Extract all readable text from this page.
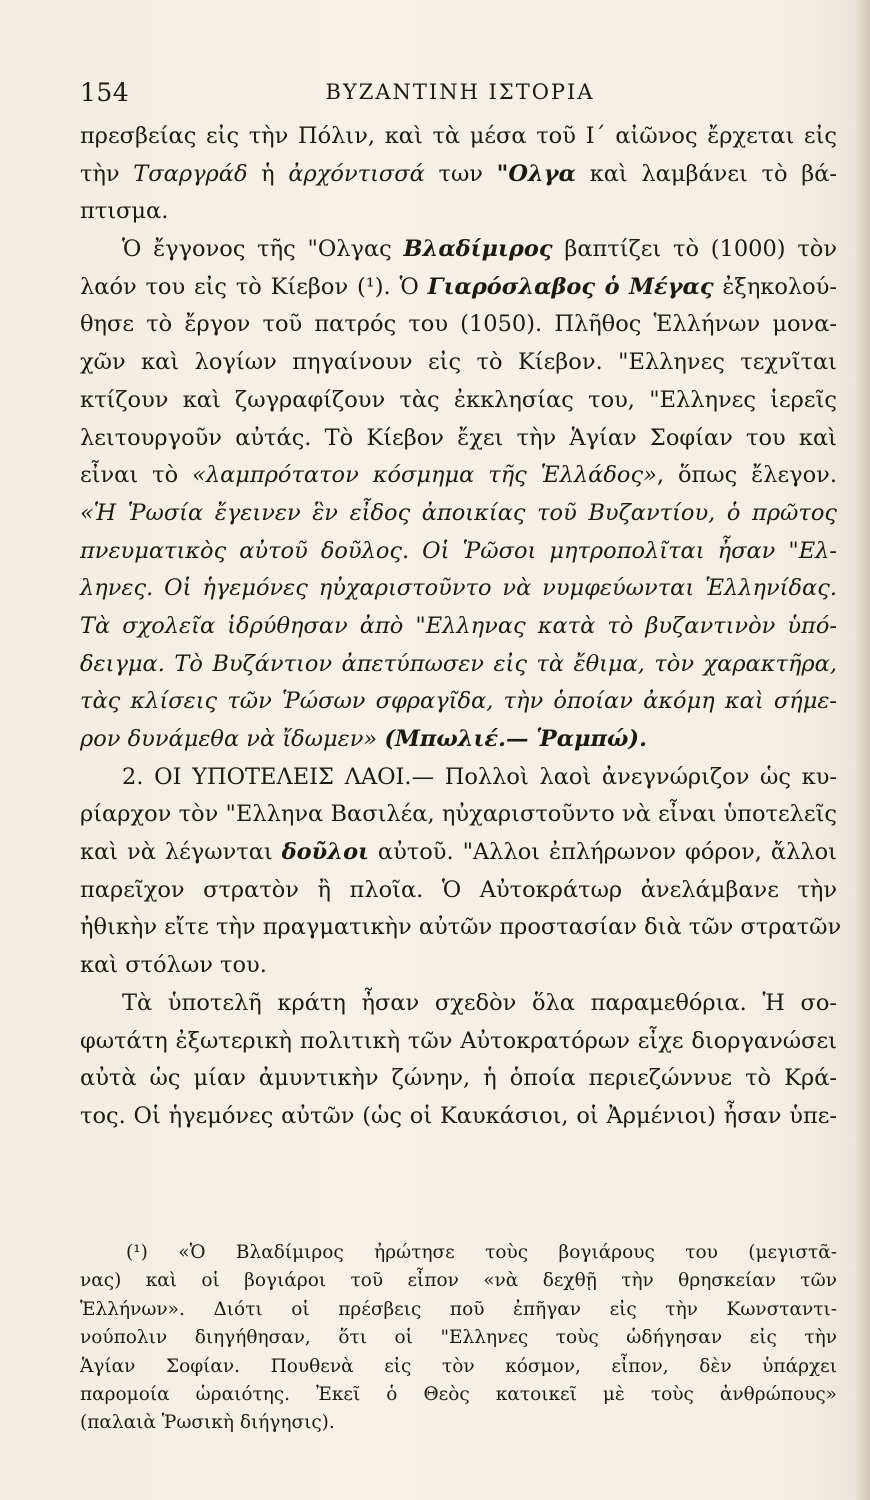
154	ΒΥΖΑΝΤΙΝΗ ΙΣΤΟΡΙΑ
πρεσβείας εἰς τὴν Πόλιν, καὶ τὰ μέσα τοῦ Ι΄ αἰῶνος ἔρχεται εἰς
τὴν Τσαργράδ ἡ ἀρχόντισσά των "Ολγα καὶ λαμβάνει τὸ βά-
πτισμα.
Ὁ ἔγγονος τῆς "Ολγας Βλαδίμιρος βαπτίζει τὸ (1000) τὸν
λαόν του εἰς τὸ Κίεβον (¹). Ὁ Γιαρόσλαβος ὁ Μέγας ἐξηκολού-
θησε τὸ ἔργον τοῦ πατρός του (1050). Πλῆθος Ἑλλήνων μονα-
χῶν καὶ λογίων πηγαίνουν εἰς τὸ Κίεβον. "Ελληνες τεχνῖται
κτίζουν καὶ ζωγραφίζουν τὰς ἐκκλησίας του, "Ελληνες ἱερεῖς
λειτουργοῦν αὐτάς. Τὸ Κίεβον ἔχει τὴν Ἁγίαν Σοφίαν του καὶ
εἶναι τὸ «λαμπρότατον κόσμημα τῆς Ἑλλάδος», ὅπως ἔλεγον.
«Ἡ Ῥωσία ἔγεινεν ἓν εἶδος ἀποικίας τοῦ Βυζαντίου, ὁ πρῶτος
πνευματικὸς αὐτοῦ δοῦλος. Οἱ Ῥῶσοι μητροπολῖται ἦσαν "Ελ-
ληνες. Οἱ ἡγεμόνες ηὐχαριστοῦντο νὰ νυμφεύωνται Ἑλληνίδας.
Τὰ σχολεῖα ἱδρύθησαν ἀπὸ "Ελληνας κατὰ τὸ βυζαντινὸν ὑπό-
δειγμα. Τὸ Βυζάντιον ἀπετύπωσεν εἰς τὰ ἔθιμα, τὸν χαρακτῆρα,
τὰς κλίσεις τῶν Ῥώσων σφραγῖδα, τὴν ὁποίαν ἀκόμη καὶ σήμε-
ρον δυνάμεθα νὰ ἴδωμεν» (Μπωλιέ.— Ῥαμπώ).
2. ΟΙ ΥΠΟΤΕΛΕΙΣ ΛΑΟΙ.— Πολλοὶ λαοὶ ἀνεγνώριζον ὡς κυ-
ρίαρχον τὸν "Ελληνα Βασιλέα, ηὐχαριστοῦντο νὰ εἶναι ὑποτελεῖς
καὶ νὰ λέγωνται δοῦλοι αὐτοῦ. "Αλλοι ἐπλήρωνον φόρον, ἄλλοι
παρεῖχον στρατὸν ἢ πλοῖα. Ὁ Αὐτοκράτωρ ἀνελάμβανε τὴν
ἠθικὴν εἴτε τὴν πραγματικὴν αὐτῶν προστασίαν διὰ τῶν στρατῶν
καὶ στόλων του.
Τὰ ὑποτελῆ κράτη ἦσαν σχεδὸν ὅλα παραμεθόρια. Ἡ σο-
φωτάτη ἐξωτερικὴ πολιτικὴ τῶν Αὐτοκρατόρων εἶχε διοργανώσει
αὐτὰ ὡς μίαν ἀμυντικὴν ζώνην, ἡ ὁποία περιεζώννυε τὸ Κρά-
τος. Οἱ ἡγεμόνες αὐτῶν (ὡς οἱ Καυκάσιοι, οἱ Ἀρμένιοι) ἦσαν ὑπε-
(¹) «Ὁ Βλαδίμιρος ἠρώτησε τοὺς βογιάρους του (μεγιστᾶ-
νας) καὶ οἱ βογιάροι τοῦ εἶπον «νὰ δεχθῇ τὴν θρησκείαν τῶν
Ἑλλήνων». Διότι οἱ πρέσβεις ποῦ ἐπῆγαν εἰς τὴν Κωνσταντι-
νούπολιν διηγήθησαν, ὅτι οἱ "Ελληνες τοὺς ὡδήγησαν εἰς τὴν
Ἁγίαν Σοφίαν. Πουθενὰ εἰς τὸν κόσμον, εἶπον, δὲν ὑπάρχει
παρομοία ὡραιότης. Ἐκεῖ ὁ Θεὸς κατοικεῖ μὲ τοὺς ἀνθρώπους»
(παλαιὰ Ῥωσικὴ διήγησις).
